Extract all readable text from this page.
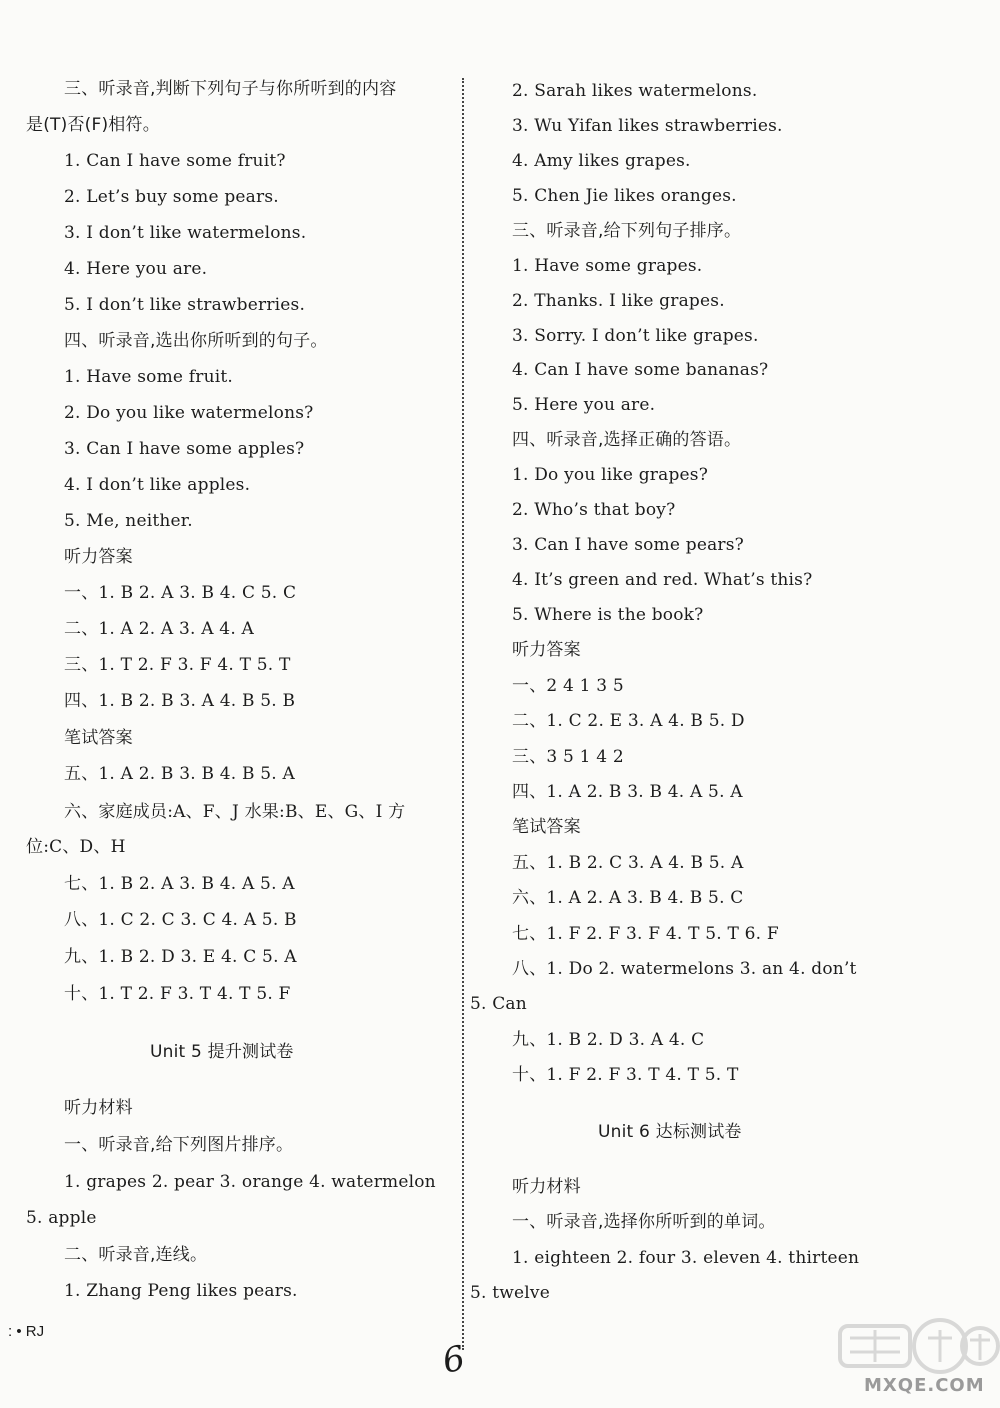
三、听录音,判断下列句子与你所听到的内容
是(T)否(F)相符。
1. Can I have some fruit?
2. Let’s buy some pears.
3. I don’t like watermelons.
4. Here you are.
5. I don’t like strawberries.
四、听录音,选出你所听到的句子。
1. Have some fruit.
2. Do you like watermelons?
3. Can I have some apples?
4. I don’t like apples.
5. Me, neither.
听力答案
一、1. B 2. A 3. B 4. C 5. C
二、1. A 2. A 3. A 4. A
三、1. T 2. F 3. F 4. T 5. T
四、1. B 2. B 3. A 4. B 5. B
笔试答案
五、1. A 2. B 3. B 4. B 5. A
六、家庭成员:A、F、J 水果:B、E、G、I 方
位:C、D、H
七、1. B 2. A 3. B 4. A 5. A
八、1. C 2. C 3. C 4. A 5. B
九、1. B 2. D 3. E 4. C 5. A
十、1. T 2. F 3. T 4. T 5. F
Unit 5 提升测试卷
听力材料
一、听录音,给下列图片排序。
1. grapes 2. pear 3. orange 4. watermelon
5. apple
二、听录音,连线。
1. Zhang Peng likes pears.
2. Sarah likes watermelons.
3. Wu Yifan likes strawberries.
4. Amy likes grapes.
5. Chen Jie likes oranges.
三、听录音,给下列句子排序。
1. Have some grapes.
2. Thanks. I like grapes.
3. Sorry. I don’t like grapes.
4. Can I have some bananas?
5. Here you are.
四、听录音,选择正确的答语。
1. Do you like grapes?
2. Who’s that boy?
3. Can I have some pears?
4. It’s green and red. What’s this?
5. Where is the book?
听力答案
一、2 4 1 3 5
二、1. C 2. E 3. A 4. B 5. D
三、3 5 1 4 2
四、1. A 2. B 3. B 4. A 5. A
笔试答案
五、1. B 2. C 3. A 4. B 5. A
六、1. A 2. A 3. B 4. B 5. C
七、1. F 2. F 3. F 4. T 5. T 6. F
八、1. Do 2. watermelons 3. an 4. don’t
5. Can
九、1. B 2. D 3. A 4. C
十、1. F 2. F 3. T 4. T 5. T
Unit 6 达标测试卷
听力材料
一、听录音,选择你所听到的单词。
1. eighteen 2. four 3. eleven 4. thirteen
5. twelve
: • RJ
6
MXQE.COM
